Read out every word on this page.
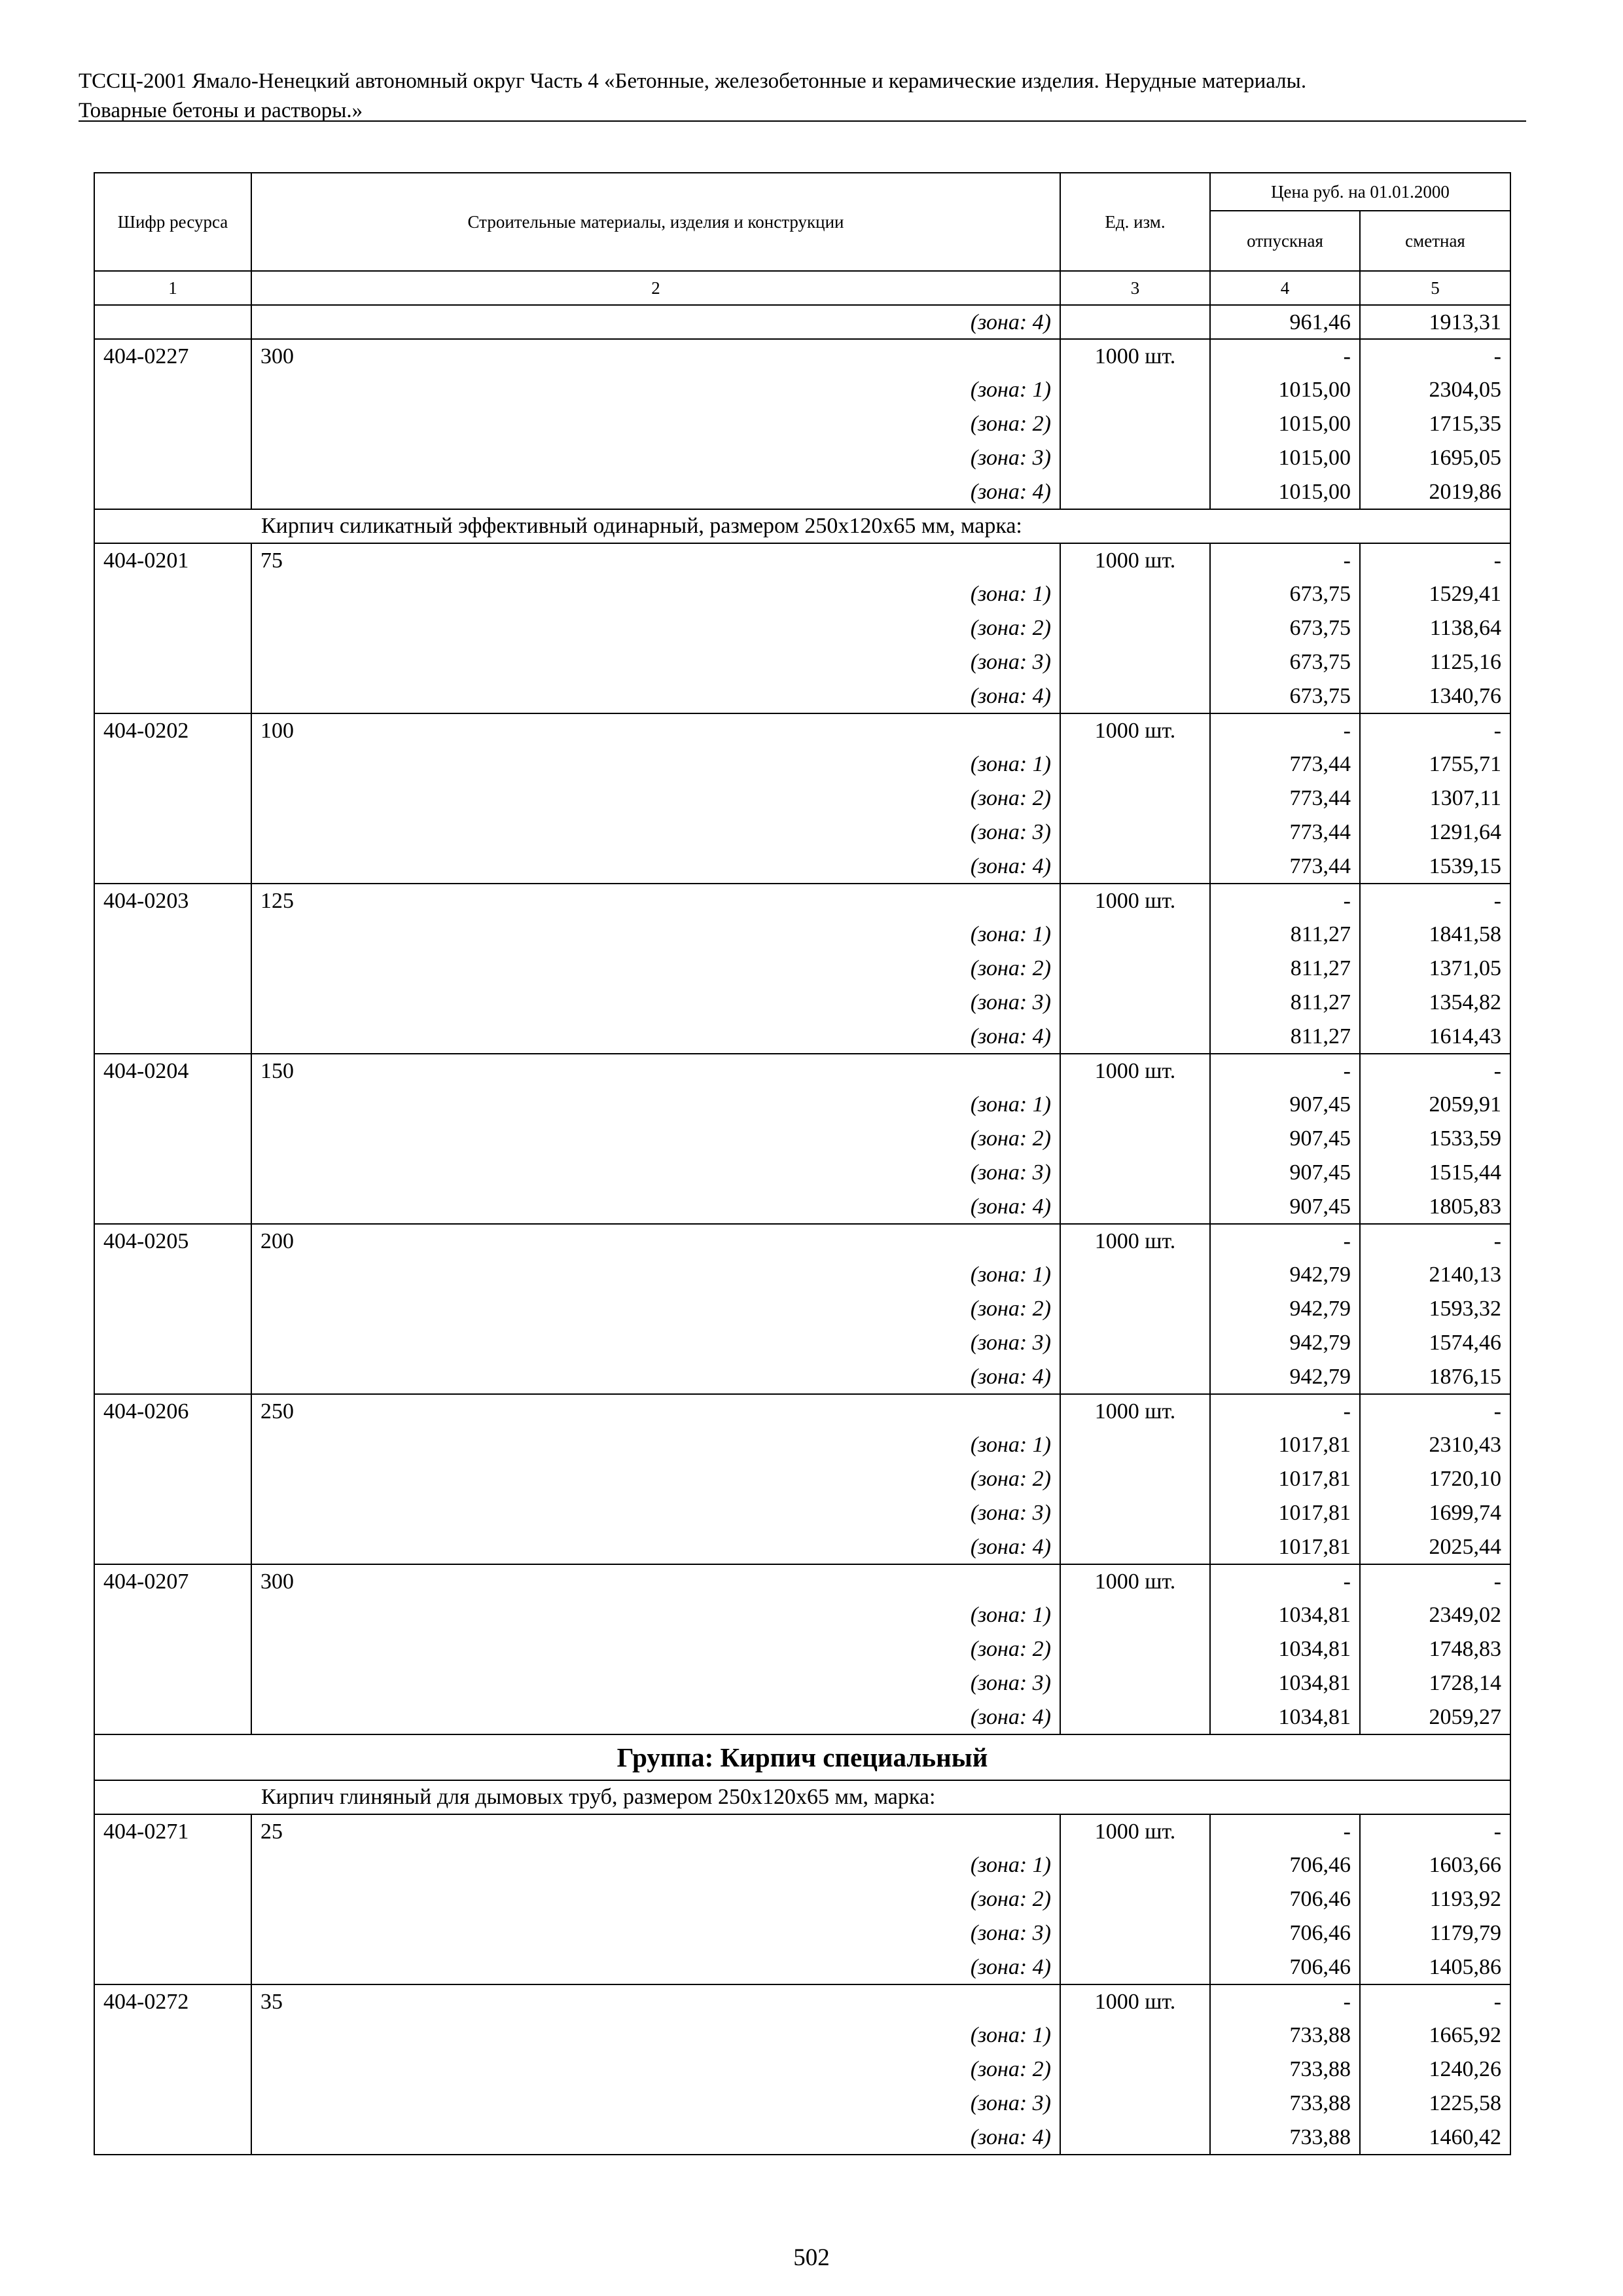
ТССЦ-2001 Ямало-Ненецкий автономный округ Часть 4 «Бетонные, железобетонные и керамические изделия. Нерудные материалы.
Товарные бетоны и растворы.»
Шифр ресурса	Строительные материалы, изделия и конструкции	Ед. изм.	Цена руб. на 01.01.2000	
			отпускная	сметная
1	2	3	4	5
	(зона: 4)		961,46	1913,31
404-0227	300	1000 шт.	-	-
	(зона: 1)		1015,00	2304,05
	(зона: 2)		1015,00	1715,35
	(зона: 3)		1015,00	1695,05
	(зона: 4)		1015,00	2019,86
Кирпич силикатный эффективный одинарный, размером 250х120х65 мм, марка:				
404-0201	75	1000 шт.	-	-
	(зона: 1)		673,75	1529,41
	(зона: 2)		673,75	1138,64
	(зона: 3)		673,75	1125,16
	(зона: 4)		673,75	1340,76
404-0202	100	1000 шт.	-	-
	(зона: 1)		773,44	1755,71
	(зона: 2)		773,44	1307,11
	(зона: 3)		773,44	1291,64
	(зона: 4)		773,44	1539,15
404-0203	125	1000 шт.	-	-
	(зона: 1)		811,27	1841,58
	(зона: 2)		811,27	1371,05
	(зона: 3)		811,27	1354,82
	(зона: 4)		811,27	1614,43
404-0204	150	1000 шт.	-	-
	(зона: 1)		907,45	2059,91
	(зона: 2)		907,45	1533,59
	(зона: 3)		907,45	1515,44
	(зона: 4)		907,45	1805,83
404-0205	200	1000 шт.	-	-
	(зона: 1)		942,79	2140,13
	(зона: 2)		942,79	1593,32
	(зона: 3)		942,79	1574,46
	(зона: 4)		942,79	1876,15
404-0206	250	1000 шт.	-	-
	(зона: 1)		1017,81	2310,43
	(зона: 2)		1017,81	1720,10
	(зона: 3)		1017,81	1699,74
	(зона: 4)		1017,81	2025,44
404-0207	300	1000 шт.	-	-
	(зона: 1)		1034,81	2349,02
	(зона: 2)		1034,81	1748,83
	(зона: 3)		1034,81	1728,14
	(зона: 4)		1034,81	2059,27
Группа: Кирпич специальный				
Кирпич глиняный для дымовых труб, размером 250х120х65 мм, марка:				
404-0271	25	1000 шт.	-	-
	(зона: 1)		706,46	1603,66
	(зона: 2)		706,46	1193,92
	(зона: 3)		706,46	1179,79
	(зона: 4)		706,46	1405,86
404-0272	35	1000 шт.	-	-
	(зона: 1)		733,88	1665,92
	(зона: 2)		733,88	1240,26
	(зона: 3)		733,88	1225,58
	(зона: 4)		733,88	1460,42
502
